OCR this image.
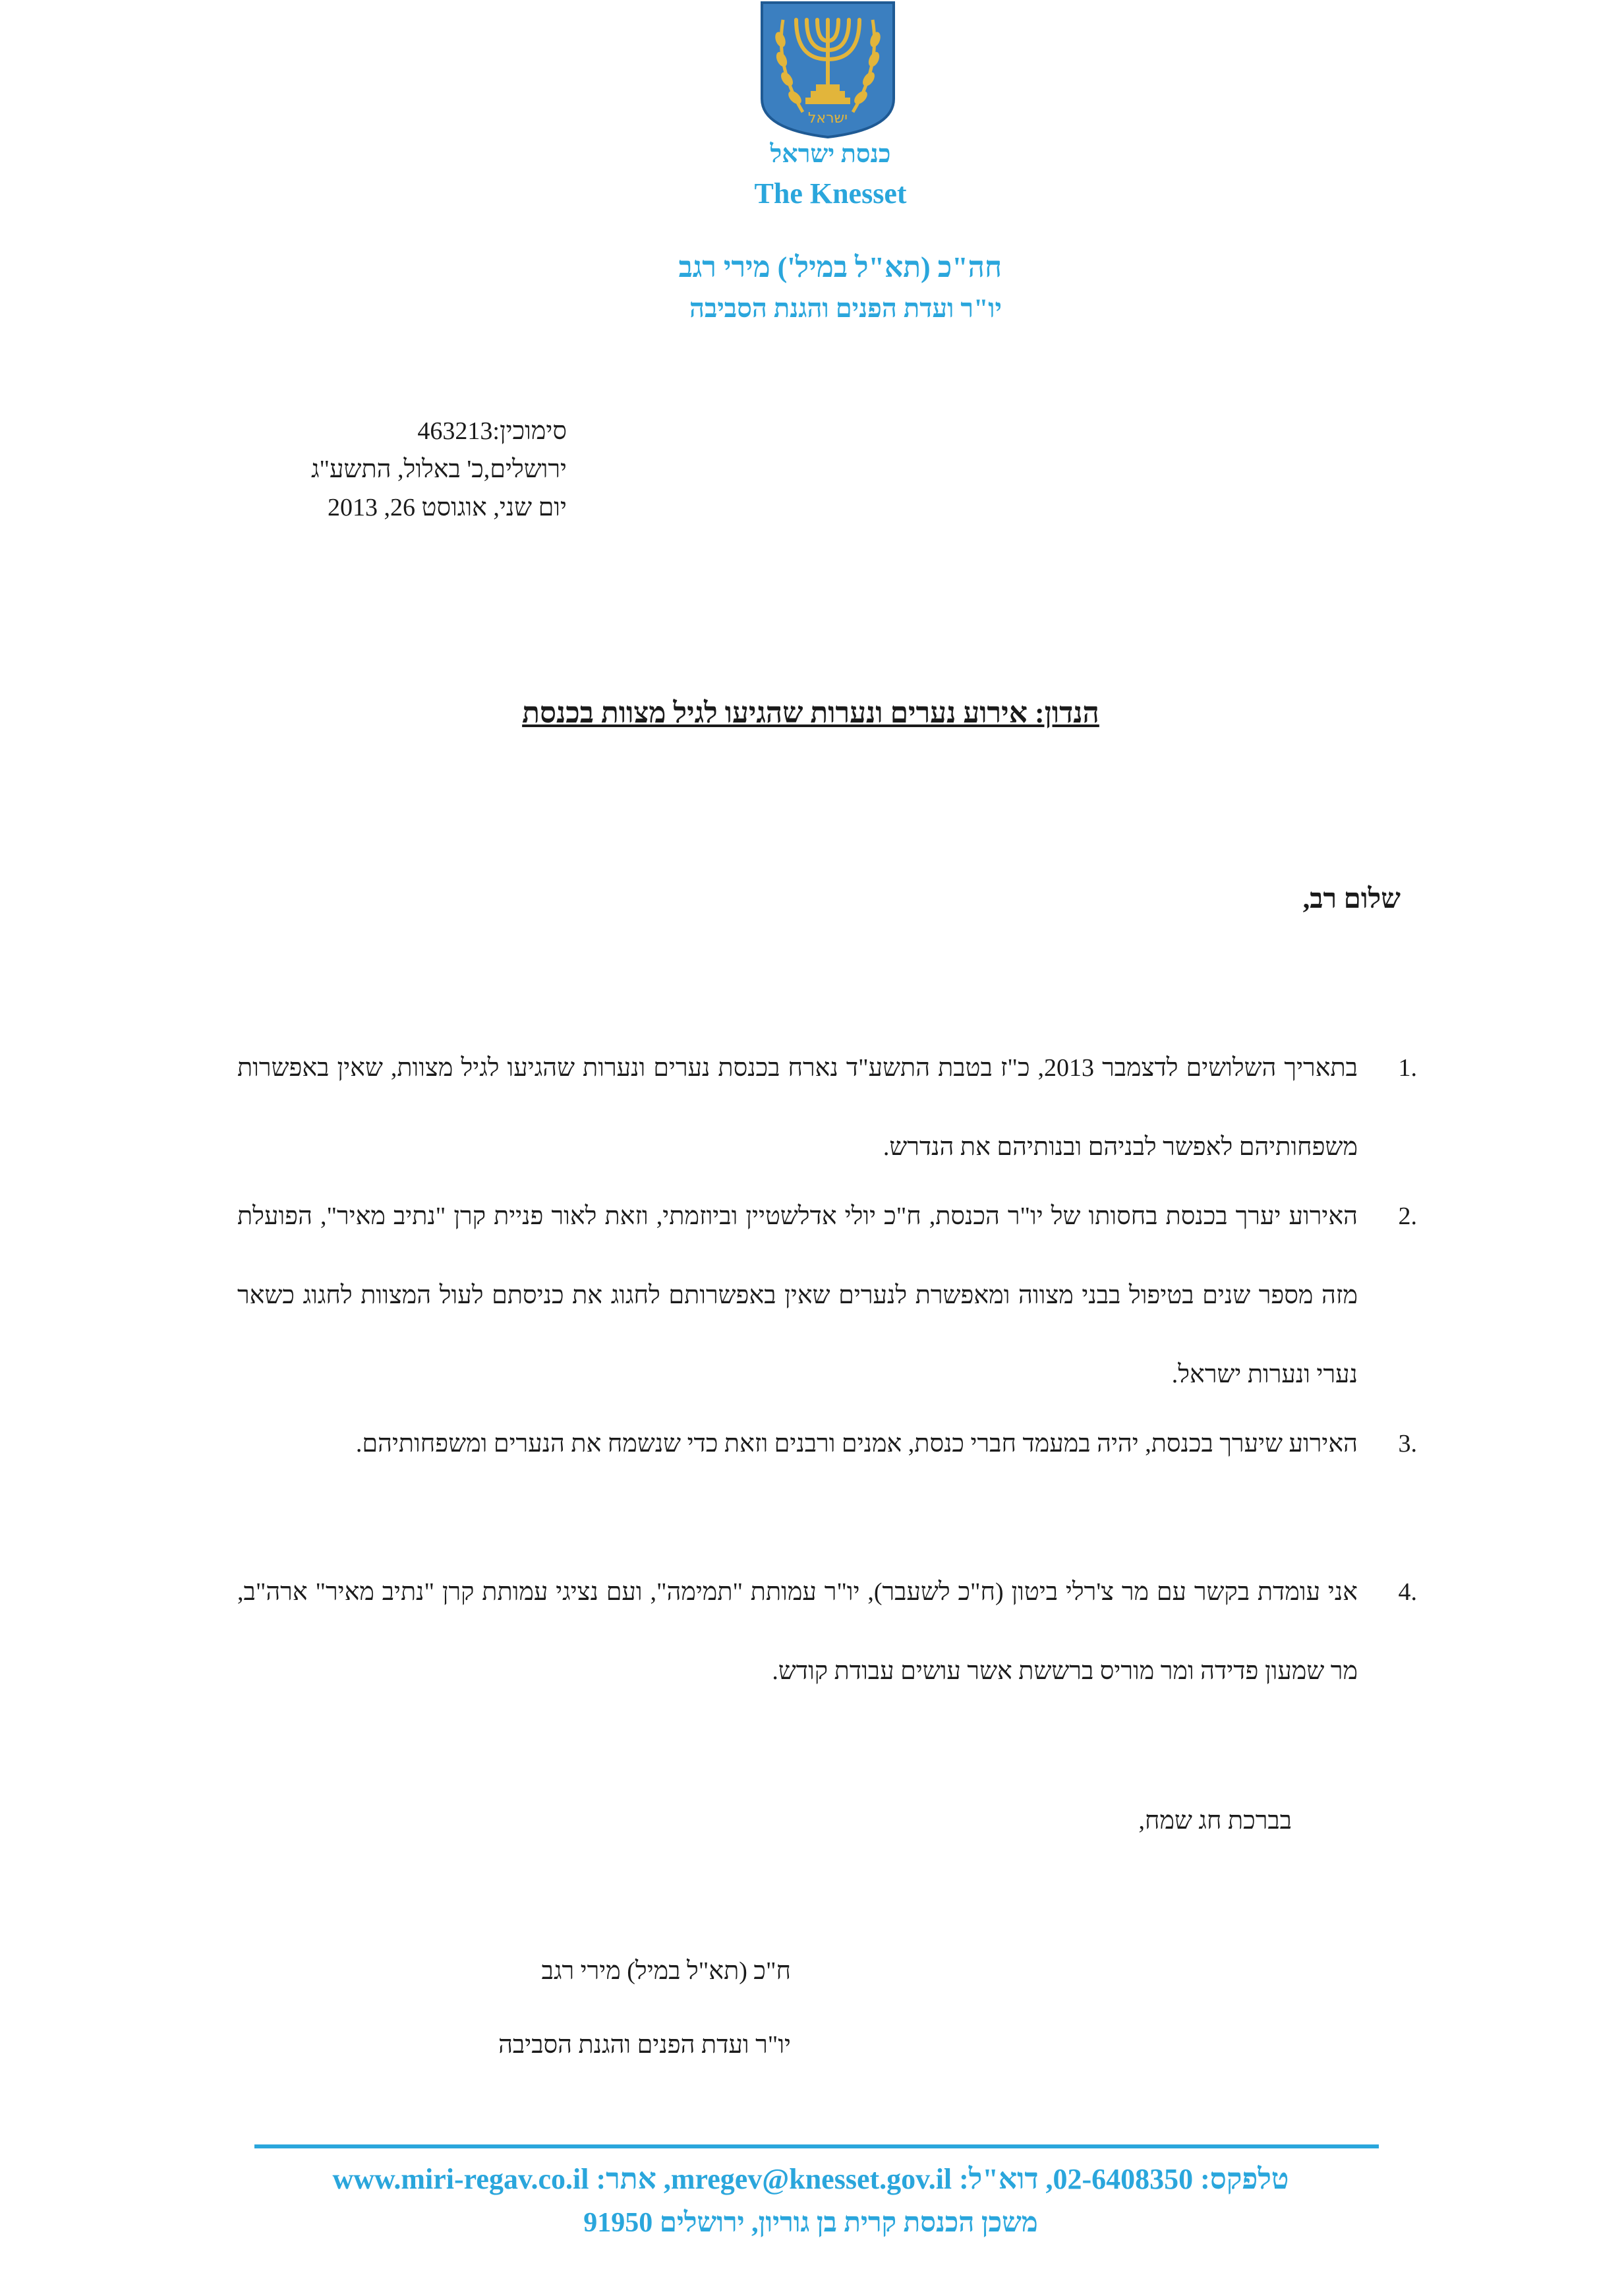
ישראל
כנסת ישראל
The Knesset
חה"כ (תא"ל במיל') מירי רגב
יו"ר ועדת הפנים והגנת הסביבה
סימוכין:463213
ירושלים,כ' באלול, התשע"ג
יום שני, אוגוסט 26, 2013
הנדון: אירוע נערים ונערות שהגיעו לגיל מצוות בכנסת
שלום רב,
1.
בתאריך השלושים לדצמבר 2013, כ"ז בטבת התשע"ד נארח בכנסת נערים ונערות שהגיעו לגיל מצוות, שאין באפשרות משפחותיהם לאפשר לבניהם ובנותיהם את הנדרש.
2.
האירוע יערך בכנסת בחסותו של יו"ר הכנסת, ח"כ יולי אדלשטיין וביוזמתי, וזאת לאור פניית קרן "נתיב מאיר", הפועלת מזה מספר שנים בטיפול בבני מצווה ומאפשרת לנערים שאין באפשרותם לחגוג את כניסתם לעול המצוות לחגוג כשאר נערי ונערות ישראל.
3.
האירוע שיערך בכנסת, יהיה במעמד חברי כנסת, אמנים ורבנים וזאת כדי שנשמח את הנערים ומשפחותיהם.
4.
אני עומדת בקשר עם מר צ'רלי ביטון (ח"כ לשעבר), יו"ר עמותת "תמימה", ועם נציגי עמותת קרן "נתיב מאיר" ארה"ב, מר שמעון פדידה ומר מוריס ברששת אשר עושים עבודת קודש.
בברכת חג שמח,
ח"כ (תא"ל במיל) מירי רגב
יו"ר ועדת הפנים והגנת הסביבה
טלפקס: 02-6408350, דוא"ל: mregev@knesset.gov.il, אתר: www.miri-regav.co.il
משכן הכנסת קרית בן גוריון, ירושלים 91950
